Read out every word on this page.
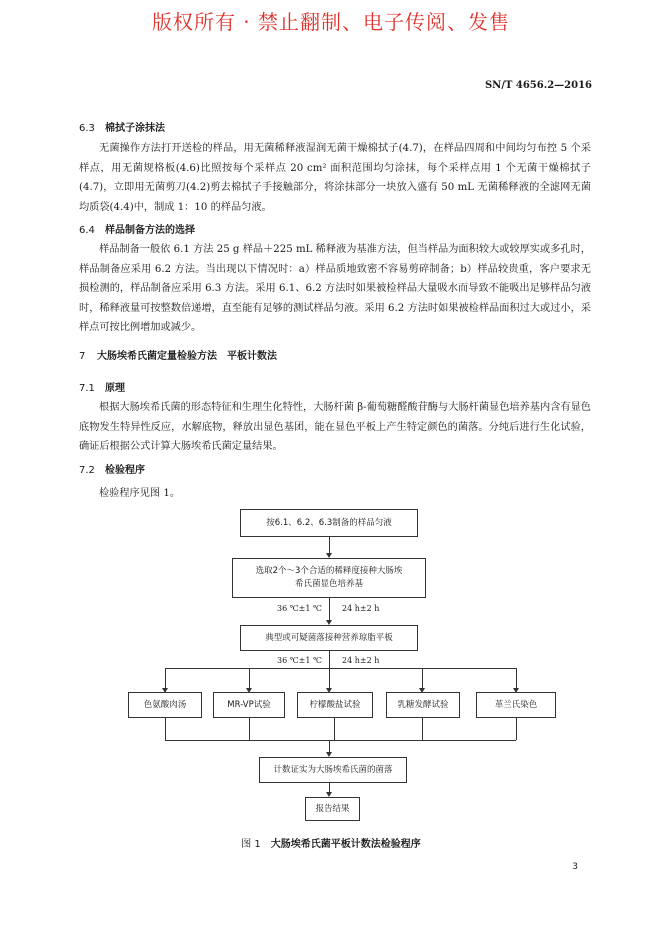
版权所有 · 禁止翻制、电子传阅、发售
SN/T 4656.2—2016
6.3 棉拭子涂抹法

无菌操作方法打开送检的样品，用无菌稀释液湿润无菌干燥棉拭子(4.7)，在样品四周和中间均匀布控 5 个采样点，用无菌规格板(4.6)比照按每个采样点 20 cm² 面积范围均匀涂抹，每个采样点用 1 个无菌干燥棉拭子(4.7)，立即用无菌剪刀(4.2)剪去棉拭子手接触部分，将涂抹部分一块放入盛有 50 mL 无菌稀释液的全滤网无菌均质袋(4.4)中，制成 1：10 的样品匀液。

6.4 样品制备方法的选择

样品制备一般依 6.1 方法 25 g 样品＋225 mL 稀释液为基准方法，但当样品为面积较大或较厚实或多孔时，样品制备应采用 6.2 方法。当出现以下情况时：a）样品质地致密不容易剪碎制备；b）样品较贵重，客户要求无损检测的，样品制备应采用 6.3 方法。采用 6.1、6.2 方法时如果被检样品大量吸水而导致不能吸出足够样品匀液时，稀释液量可按整数倍递增，直至能有足够的测试样品匀液。采用 6.2 方法时如果被检样品面积过大或过小，采样点可按比例增加或减少。

7 大肠埃希氏菌定量检验方法　平板计数法
7.1 原理

根据大肠埃希氏菌的形态特征和生理生化特性，大肠杆菌 β-葡萄糖醛酸苷酶与大肠杆菌显色培养基内含有显色底物发生特异性反应，水解底物，释放出显色基团，能在显色平板上产生特定颜色的菌落。分纯后进行生化试验，确证后根据公式计算大肠埃希氏菌定量结果。

7.2 检验程序

检验程序见图 1。

按6.1、6.2、6.3制备的样品匀液
选取2个～3个合适的稀释度接种大肠埃
希氏菌显色培养基
36 ℃±1 ℃	24 h±2 h
典型或可疑菌落接种营养琼脂平板
36 ℃±1 ℃	24 h±2 h
色氨酸肉汤	MR-VP试验	柠檬酸盐试验	乳糖发酵试验	革兰氏染色
计数证实为大肠埃希氏菌的菌落
报告结果
图 1 大肠埃希氏菌平板计数法检验程序
3
